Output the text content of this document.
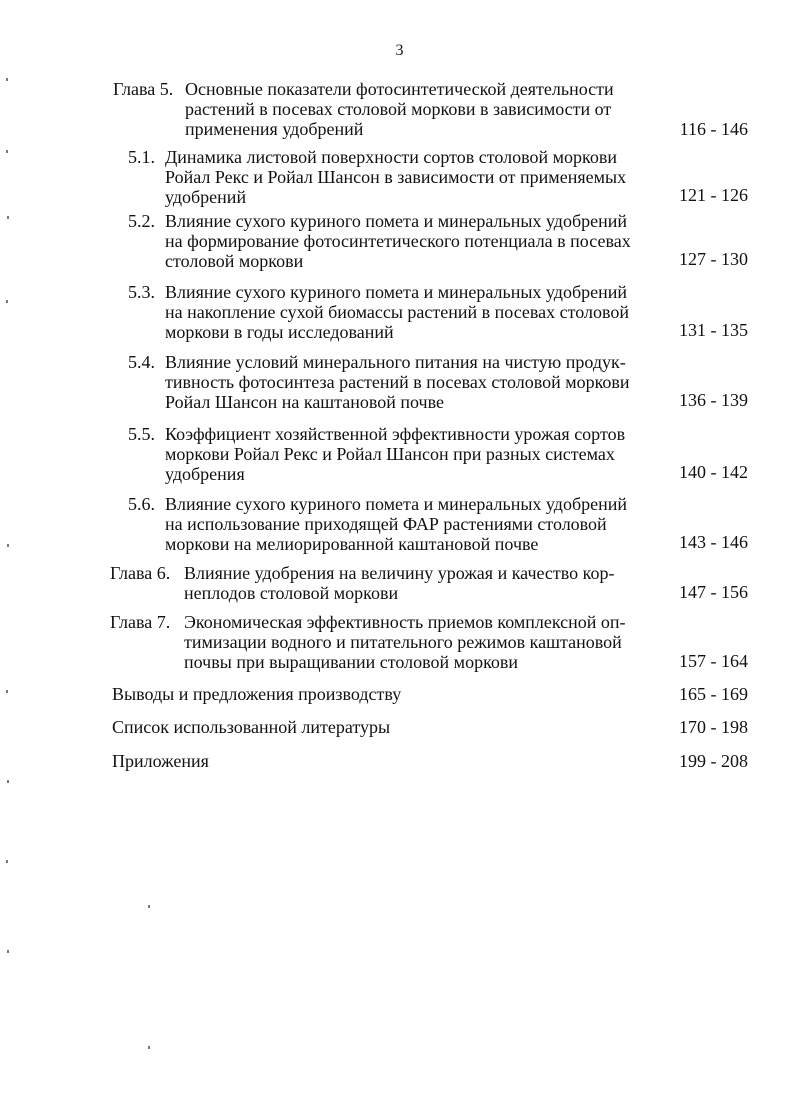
3
Глава 5. Основные показатели фотосинтетической деятельности
растений в посевах столовой моркови в зависимости от
применения удобрений	116 - 146
5.1. Динамика листовой поверхности сортов столовой моркови
Ройал Рекс и Ройал Шансон в зависимости от применяемых
удобрений	121 - 126
5.2. Влияние сухого куриного помета и минеральных удобрений
на формирование фотосинтетического потенциала в посевах
столовой моркови	127 - 130
5.3. Влияние сухого куриного помета и минеральных удобрений
на накопление сухой биомассы растений в посевах столовой
моркови в годы исследований	131 - 135
5.4. Влияние условий минерального питания на чистую продук-
тивность фотосинтеза растений в посевах столовой моркови
Ройал Шансон на каштановой почве	136 - 139
5.5. Коэффициент хозяйственной эффективности урожая сортов
моркови Ройал Рекс и Ройал Шансон при разных системах
удобрения	140 - 142
5.6. Влияние сухого куриного помета и минеральных удобрений
на использование приходящей ФАР растениями столовой
моркови на мелиорированной каштановой почве	143 - 146
Глава 6. Влияние удобрения на величину урожая и качество кор-
неплодов столовой моркови	147 - 156
Глава 7. Экономическая эффективность приемов комплексной оп-
тимизации водного и питательного режимов каштановой
почвы при выращивании столовой моркови	157 - 164
Выводы и предложения производству	165 - 169
Список использованной литературы	170 - 198
Приложения	199 - 208
